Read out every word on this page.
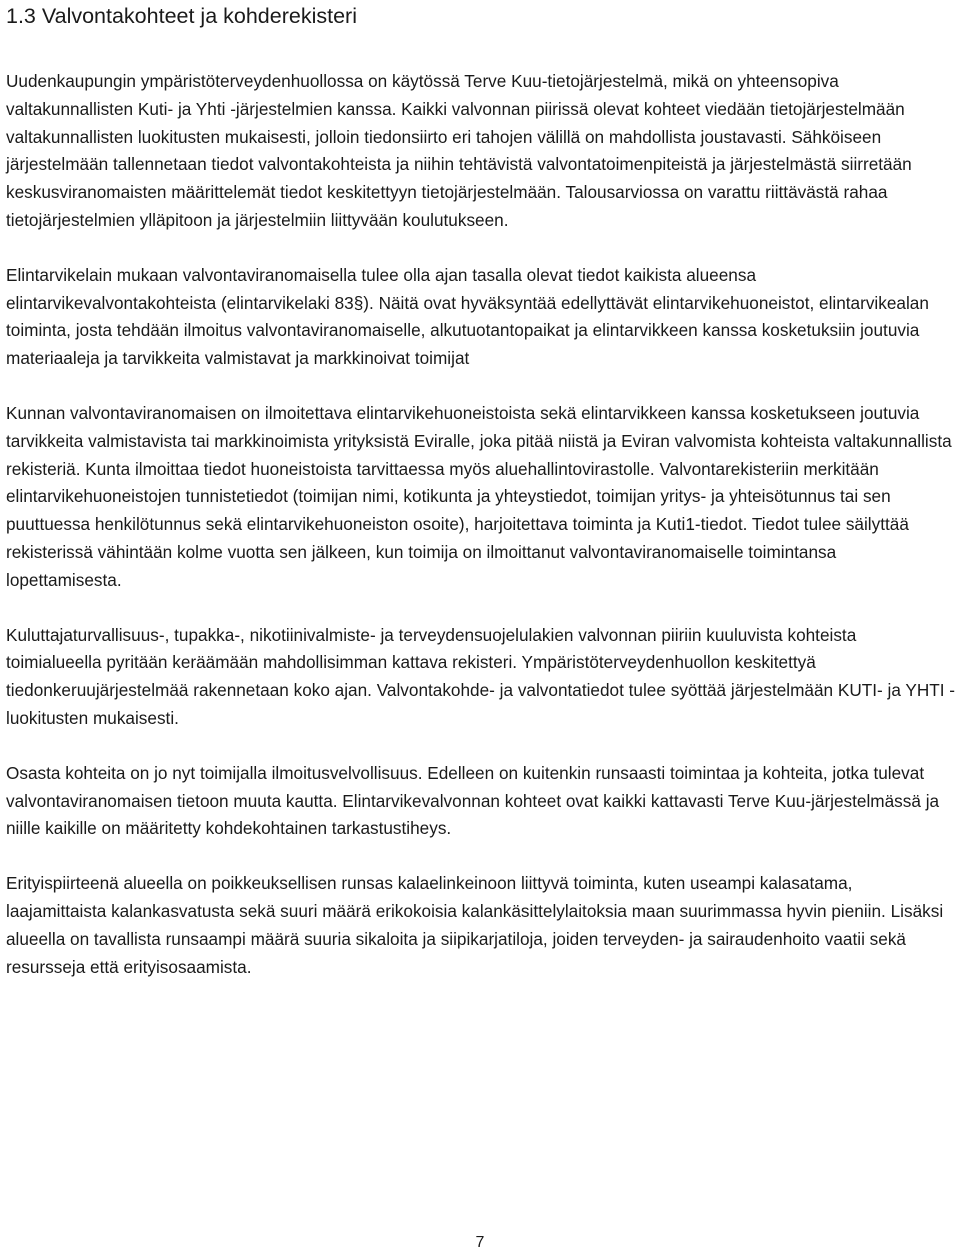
1.3 Valvontakohteet ja kohderekisteri

Uudenkaupungin ympäristöterveydenhuollossa on käytössä Terve Kuu-tietojärjestelmä, mikä on yhteensopiva valtakunnallisten Kuti- ja Yhti -järjestelmien kanssa. Kaikki valvonnan piirissä olevat kohteet viedään tietojärjestelmään valtakunnallisten luokitusten mukaisesti, jolloin tiedonsiirto eri tahojen välillä on mahdollista joustavasti. Sähköiseen järjestelmään tallennetaan tiedot valvontakohteista ja niihin tehtävistä valvontatoimenpiteistä ja järjestelmästä siirretään keskusviranomaisten määrittelemät tiedot keskitettyyn tietojärjestelmään. Talousarviossa on varattu riittävästä rahaa tietojärjestelmien ylläpitoon ja järjestelmiin liittyvään koulutukseen.

Elintarvikelain mukaan valvontaviranomaisella tulee olla ajan tasalla olevat tiedot kaikista alueensa elintarvikevalvontakohteista (elintarvikelaki 83§). Näitä ovat hyväksyntää edellyttävät elintarvikehuoneistot, elintarvikealan toiminta, josta tehdään ilmoitus valvontaviranomaiselle, alkutuotantopaikat ja elintarvikkeen kanssa kosketuksiin joutuvia materiaaleja ja tarvikkeita valmistavat ja markkinoivat toimijat

Kunnan valvontaviranomaisen on ilmoitettava elintarvikehuoneistoista sekä elintarvikkeen kanssa kosketukseen joutuvia tarvikkeita valmistavista tai markkinoimista yrityksistä Eviralle, joka pitää niistä ja Eviran valvomista kohteista valtakunnallista rekisteriä. Kunta ilmoittaa tiedot huoneistoista tarvittaessa myös aluehallintovirastolle. Valvontarekisteriin merkitään elintarvikehuoneistojen tunnistetiedot (toimijan nimi, kotikunta ja yhteystiedot, toimijan yritys- ja yhteisötunnus tai sen puuttuessa henkilötunnus sekä elintarvikehuoneiston osoite), harjoitettava toiminta ja Kuti1-tiedot. Tiedot tulee säilyttää rekisterissä vähintään kolme vuotta sen jälkeen, kun toimija on ilmoittanut valvontaviranomaiselle toimintansa lopettamisesta.

Kuluttajaturvallisuus-, tupakka-, nikotiinivalmiste- ja terveydensuojelulakien valvonnan piiriin kuuluvista kohteista toimialueella pyritään keräämään mahdollisimman kattava rekisteri. Ympäristöterveydenhuollon keskitettyä tiedonkeruujärjestelmää rakennetaan koko ajan. Valvontakohde- ja valvontatiedot tulee syöttää järjestelmään KUTI- ja YHTI -luokitusten mukaisesti.

Osasta kohteita on jo nyt toimijalla ilmoitusvelvollisuus. Edelleen on kuitenkin runsaasti toimintaa ja kohteita, jotka tulevat valvontaviranomaisen tietoon muuta kautta. Elintarvikevalvonnan kohteet ovat kaikki kattavasti Terve Kuu-järjestelmässä ja niille kaikille on määritetty kohdekohtainen tarkastustiheys.

Erityispiirteenä alueella on poikkeuksellisen runsas kalaelinkeinoon liittyvä toiminta, kuten useampi kalasatama, laajamittaista kalankasvatusta sekä suuri määrä erikokoisia kalankäsittelylaitoksia maan suurimmassa hyvin pieniin. Lisäksi alueella on tavallista runsaampi määrä suuria sikaloita ja siipikarjatiloja, joiden terveyden- ja sairaudenhoito vaatii sekä resursseja että erityisosaamista.

7
